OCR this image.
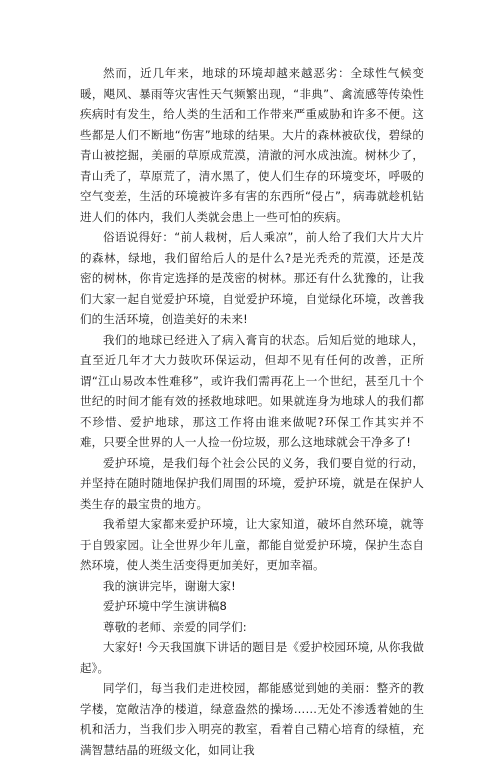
然而，近几年来，地球的环境却越来越恶劣：全球性气候变暖，飓风、暴雨等灾害性天气频繁出现，“非典”、禽流感等传染性疾病时有发生，给人类的生活和工作带来严重威胁和许多不便。这些都是人们不断地“伤害”地球的结果。大片的森林被砍伐，碧绿的青山被挖掘，美丽的草原成荒漠，清澈的河水成浊流。树林少了，青山秃了，草原荒了，清水黑了，使人们生存的环境变坏，呼吸的空气变差，生活的环境被许多有害的东西所“侵占”，病毒就趁机钻进人们的体内，我们人类就会患上一些可怕的疾病。

俗语说得好：“前人栽树，后人乘凉”，前人给了我们大片大片的森林，绿地，我们留给后人的是什么?是光秃秃的荒漠，还是茂密的树林，你肯定选择的是茂密的树林。那还有什么犹豫的，让我们大家一起自觉爱护环境，自觉爱护环境，自觉绿化环境，改善我们的生活环境，创造美好的未来!

我们的地球已经进入了病入膏肓的状态。后知后觉的地球人，直至近几年才大力鼓吹环保运动，但却不见有任何的改善，正所谓“江山易改本性难移”，或许我们需再花上一个世纪，甚至几十个世纪的时间才能有效的拯救地球吧。如果就连身为地球人的我们都不珍惜、爱护地球，那这工作将由谁来做呢?环保工作其实并不难，只要全世界的人一人捡一份垃圾，那么这地球就会干净多了!

爱护环境，是我们每个社会公民的义务，我们要自觉的行动，并坚持在随时随地保护我们周围的环境，爱护环境，就是在保护人类生存的最宝贵的地方。

我希望大家都来爱护环境，让大家知道，破坏自然环境，就等于自毁家园。让全世界少年儿童，都能自觉爱护环境，保护生态自然环境，使人类生活变得更加美好，更加幸福。

我的演讲完毕，谢谢大家!

爱护环境中学生演讲稿8

尊敬的老师、亲爱的同学们:

大家好! 今天我国旗下讲话的题目是《爱护校园环境, 从你我做起》。

同学们，每当我们走进校园，都能感觉到她的美丽：整齐的教学楼，宽敞洁净的楼道，绿意盎然的操场……无处不渗透着她的生机和活力，当我们步入明亮的教室，看着自己精心培育的绿植，充满智慧结晶的班级文化，如同让我
